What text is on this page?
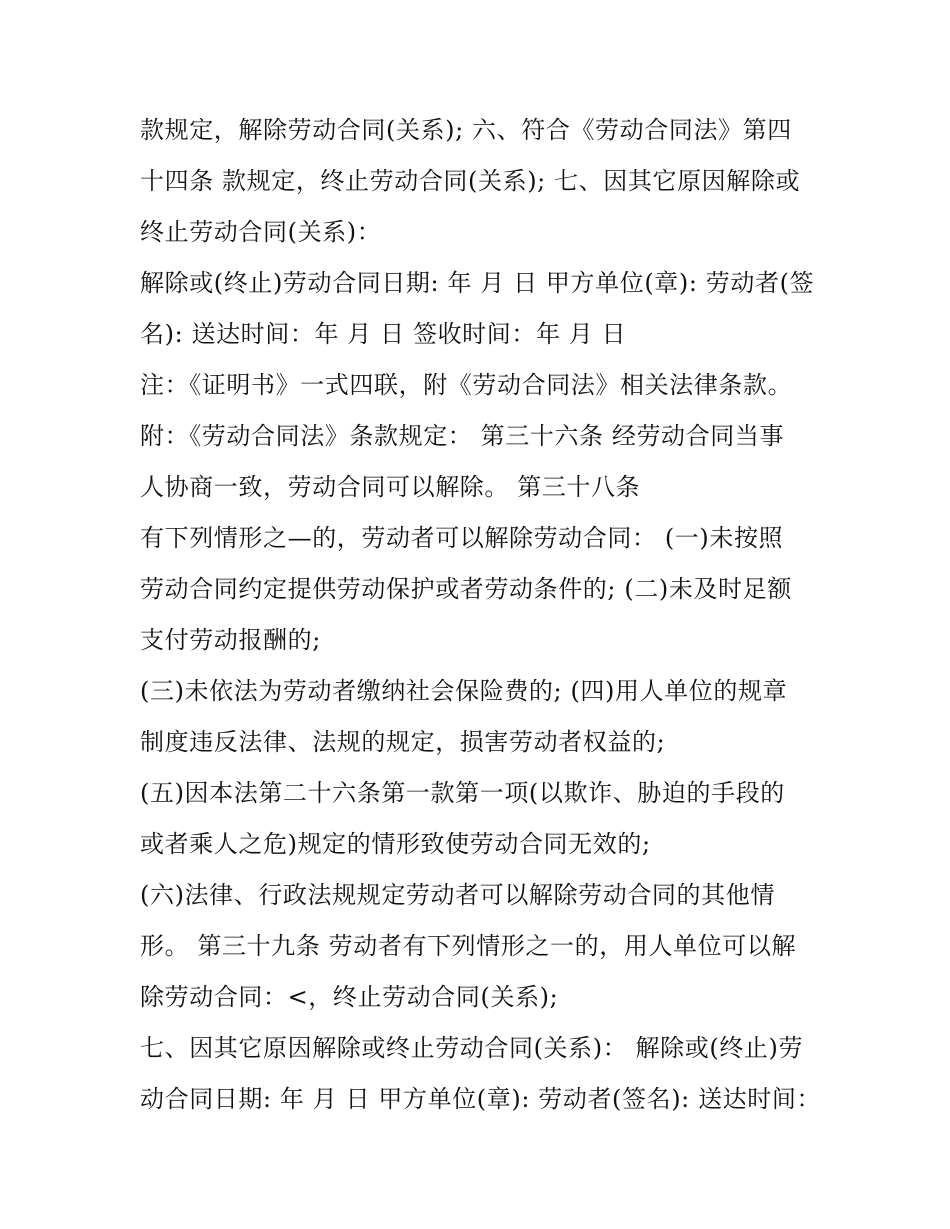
款规定，解除劳动合同(关系); 六、符合《劳动合同法》第四
十四条 款规定，终止劳动合同(关系); 七、因其它原因解除或
终止劳动合同(关系)：
解除或(终止)劳动合同日期: 年 月 日 甲方单位(章): 劳动者(签
名): 送达时间：年 月 日 签收时间：年 月 日
注：《证明书》一式四联，附《劳动合同法》相关法律条款。
附：《劳动合同法》条款规定： 第三十六条 经劳动合同当事
人协商一致，劳动合同可以解除。 第三十八条
有下列情形之—的，劳动者可以解除劳动合同： (一)未按照
劳动合同约定提供劳动保护或者劳动条件的; (二)未及时足额
支付劳动报酬的;
(三)未依法为劳动者缴纳社会保险费的; (四)用人单位的规章
制度违反法律、法规的规定，损害劳动者权益的;
(五)因本法第二十六条第一款第一项(以欺诈、胁迫的手段的
或者乘人之危)规定的情形致使劳动合同无效的;
(六)法律、行政法规规定劳动者可以解除劳动合同的其他情
形。 第三十九条 劳动者有下列情形之一的，用人单位可以解
除劳动合同：<，终止劳动合同(关系);
七、因其它原因解除或终止劳动合同(关系)： 解除或(终止)劳
动合同日期: 年 月 日 甲方单位(章): 劳动者(签名): 送达时间：
